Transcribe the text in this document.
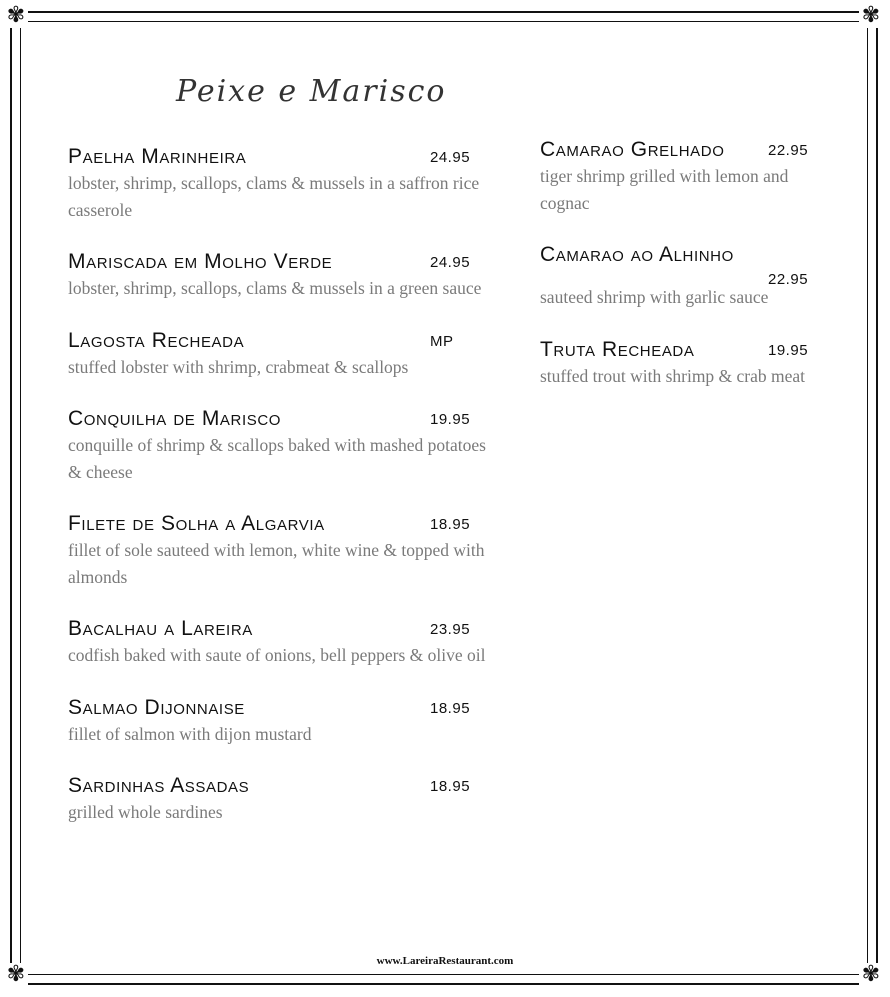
✾	✾
✾	✾
Peixe e Marisco
Paelha Marinheira	24.95
lobster, shrimp, scallops, clams & mussels in a saffron rice casserole
Mariscada em Molho Verde	24.95
lobster, shrimp, scallops, clams & mussels in a green sauce
Lagosta Recheada	MP
stuffed lobster with shrimp, crabmeat & scallops
Conquilha de Marisco	19.95
conquille of shrimp & scallops baked with mashed potatoes & cheese
Filete de Solha a Algarvia	18.95
fillet of sole sauteed with lemon, white wine & topped with almonds
Bacalhau a Lareira	23.95
codfish baked with saute of onions, bell peppers & olive oil
Salmao Dijonnaise	18.95
fillet of salmon with dijon mustard
Sardinhas Assadas	18.95
grilled whole sardines
Camarao Grelhado	22.95
tiger shrimp grilled with lemon and cognac
Camarao ao Alhinho
22.95
sauteed shrimp with garlic sauce
Truta Recheada	19.95
stuffed trout with shrimp & crab meat
www.LareiraRestaurant.com
